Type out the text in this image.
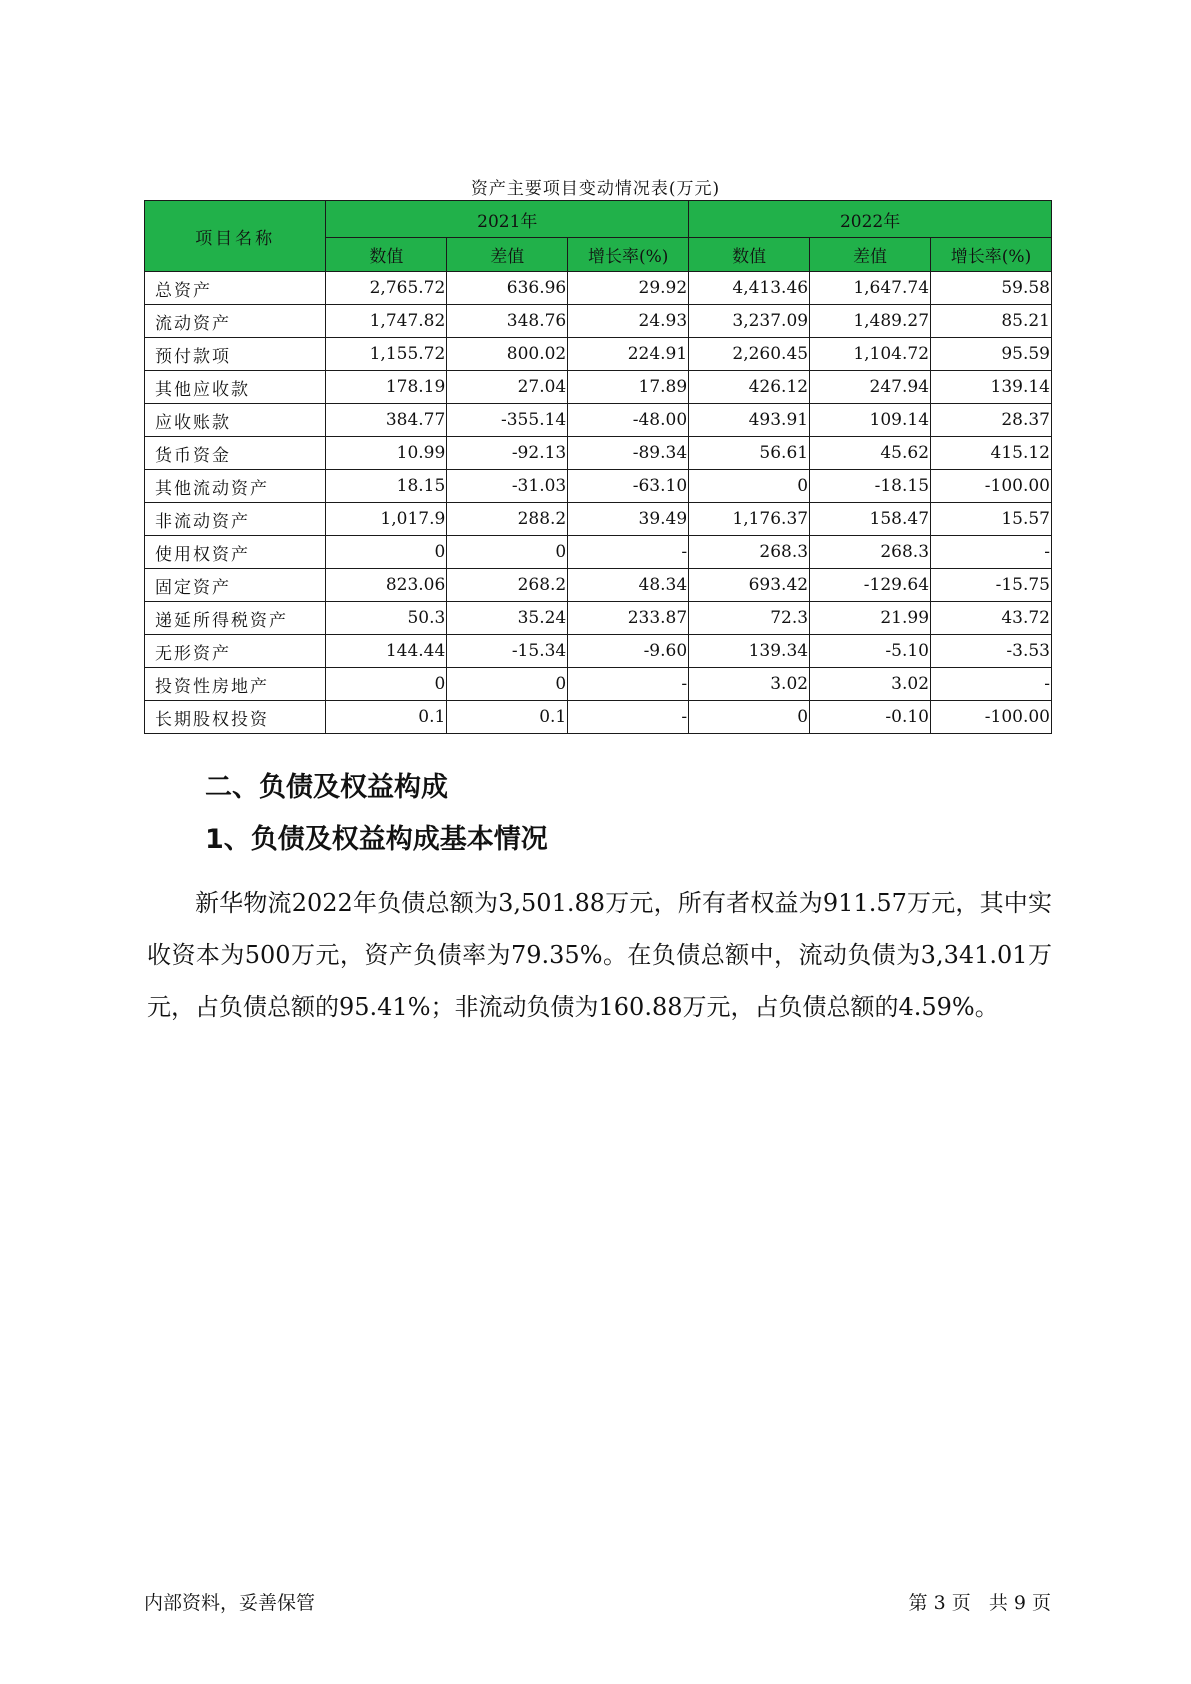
资产主要项目变动情况表(万元)
项目名称	2021年			2022年		
	数值	差值	增长率(%)	数值	差值	增长率(%)
总资产	2,765.72	636.96	29.92	4,413.46	1,647.74	59.58
流动资产	1,747.82	348.76	24.93	3,237.09	1,489.27	85.21
预付款项	1,155.72	800.02	224.91	2,260.45	1,104.72	95.59
其他应收款	178.19	27.04	17.89	426.12	247.94	139.14
应收账款	384.77	-355.14	-48.00	493.91	109.14	28.37
货币资金	10.99	-92.13	-89.34	56.61	45.62	415.12
其他流动资产	18.15	-31.03	-63.10	0	-18.15	-100.00
非流动资产	1,017.9	288.2	39.49	1,176.37	158.47	15.57
使用权资产	0	0	-	268.3	268.3	-
固定资产	823.06	268.2	48.34	693.42	-129.64	-15.75
递延所得税资产	50.3	35.24	233.87	72.3	21.99	43.72
无形资产	144.44	-15.34	-9.60	139.34	-5.10	-3.53
投资性房地产	0	0	-	3.02	3.02	-
长期股权投资	0.1	0.1	-	0	-0.10	-100.00
二、负债及权益构成
1、负债及权益构成基本情况
新华物流2022年负债总额为3,501.88万元，所有者权益为911.57万元，其中实收资本为500万元，资产负债率为79.35%。在负债总额中，流动负债为3,341.01万元，占负债总额的95.41%；非流动负债为160.88万元，占负债总额的4.59%。
内部资料，妥善保管	第 3 页   共 9 页
